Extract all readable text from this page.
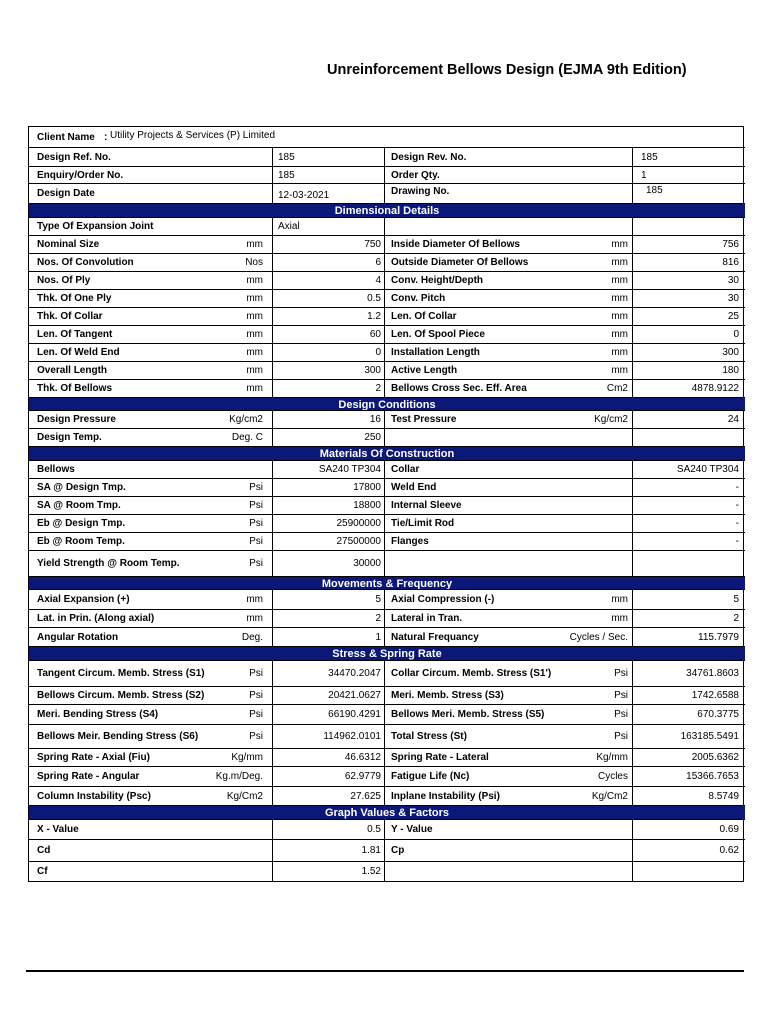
Unreinforcement Bellows Design (EJMA 9th Edition)
Client Name : Utility Projects & Services (P) Limited
Design Ref. No.	185	Design Rev. No.	185
Enquiry/Order No.	185	Order Qty.	1
Design Date	12-03-2021	Drawing No.	185
Dimensional Details
Type Of Expansion Joint	Axial
Nominal Size	mm	750 Inside Diameter Of Bellows	mm	756
Nos. Of Convolution	Nos	6 Outside Diameter Of Bellows	mm	816
Nos. Of Ply	mm	4 Conv. Height/Depth	mm	30
Thk. Of One Ply	mm	0.5 Conv. Pitch	mm	30
Thk. Of Collar	mm	1.2 Len. Of Collar	mm	25
Len. Of Tangent	mm	60 Len. Of Spool Piece	mm	0
Len. Of Weld End	mm	0 Installation Length	mm	300
Overall Length	mm	300 Active Length	mm	180
Thk. Of Bellows	mm	2 Bellows Cross Sec. Eff. Area	Cm2	4878.9122
Design Conditions
Design Pressure	Kg/cm2	16 Test Pressure	Kg/cm2	24
Design Temp.	Deg. C	250
Materials Of Construction
Bellows	SA240 TP304 Collar	SA240 TP304
SA @ Design Tmp.	Psi	17800 Weld End	-
SA @ Room Tmp.	Psi	18800 Internal Sleeve	-
Eb @ Design Tmp.	Psi	25900000 Tie/Limit Rod	-
Eb @ Room Temp.	Psi	27500000 Flanges	-
Yield Strength @ Room Temp.	Psi	30000
Movements & Frequency
Axial Expansion (+)	mm	5 Axial Compression (-)	mm	5
Lat. in Prin. (Along axial)	mm	2 Lateral in Tran.	mm	2
Angular Rotation	Deg.	1 Natural Frequancy	Cycles / Sec.	115.7979
Stress & Spring Rate
Tangent Circum. Memb. Stress (S1)	Psi	34470.2047 Collar Circum. Memb. Stress (S1')	Psi	34761.8603
Bellows Circum. Memb. Stress (S2)	Psi	20421.0627 Meri. Memb. Stress (S3)	Psi	1742.6588
Meri. Bending Stress (S4)	Psi	66190.4291 Bellows Meri. Memb. Stress (S5)	Psi	670.3775
Bellows Meir. Bending Stress (S6)	Psi	114962.0101 Total Stress (St)	Psi	163185.5491
Spring Rate - Axial (Fiu)	Kg/mm	46.6312 Spring Rate - Lateral	Kg/mm	2005.6362
Spring Rate - Angular	Kg.m/Deg.	62.9779 Fatigue Life (Nc)	Cycles	15366.7653
Column Instability (Psc)	Kg/Cm2	27.625 Inplane Instability (Psi)	Kg/Cm2	8.5749
Graph Values & Factors
X - Value	0.5 Y - Value	0.69
Cd	1.81 Cp	0.62
Cf	1.52
